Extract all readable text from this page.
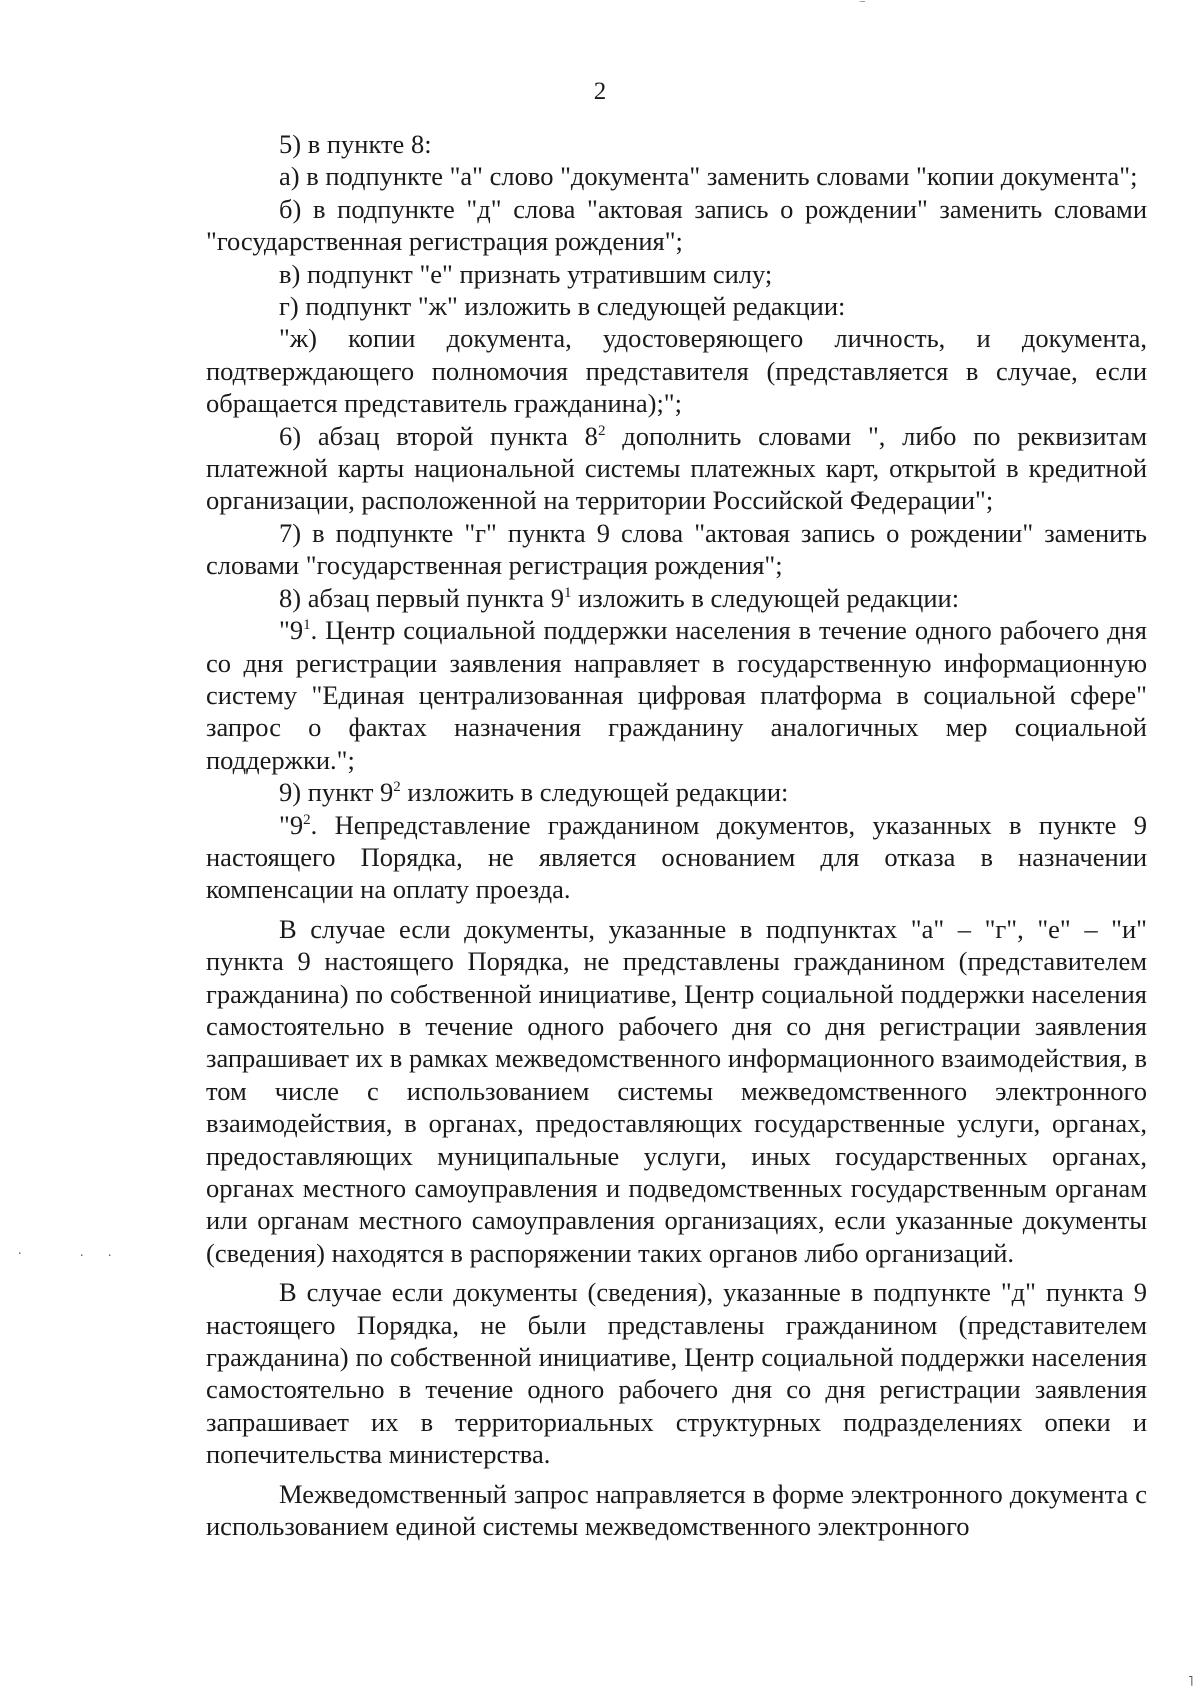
2

5) в пункте 8:

а) в подпункте "а" слово "документа" заменить словами "копии документа";

б) в подпункте "д" слова "актовая запись о рождении" заменить словами "государственная регистрация рождения";

в) подпункт "е" признать утратившим силу;

г) подпункт "ж" изложить в следующей редакции:

"ж) копии документа, удостоверяющего личность, и документа, подтверждающего полномочия представителя (представляется в случае, если обращается представитель гражданина);";

6) абзац второй пункта $8^2$ дополнить словами ", либо по реквизитам платежной карты национальной системы платежных карт, открытой в кредитной организации, расположенной на территории Российской Федерации";

7) в подпункте "г" пункта 9 слова "актовая запись о рождении" заменить словами "государственная регистрация рождения";

8) абзац первый пункта $9^1$ изложить в следующей редакции:

"$9^1$. Центр социальной поддержки населения в течение одного рабочего дня со дня регистрации заявления направляет в государственную информационную систему "Единая централизованная цифровая платформа в социальной сфере" запрос о фактах назначения гражданину аналогичных мер социальной поддержки.";

9) пункт $9^2$ изложить в следующей редакции:

"$9^2$. Непредставление гражданином документов, указанных в пункте 9 настоящего Порядка, не является основанием для отказа в назначении компенсации на оплату проезда.

В случае если документы, указанные в подпунктах "а" – "г", "е" – "и" пункта 9 настоящего Порядка, не представлены гражданином (представителем гражданина) по собственной инициативе, Центр социальной поддержки населения самостоятельно в течение одного рабочего дня со дня регистрации заявления запрашивает их в рамках межведомственного информационного взаимодействия, в том числе с использованием системы межведомственного электронного взаимодействия, в органах, предоставляющих государственные услуги, органах, предоставляющих муниципальные услуги, иных государственных органах, органах местного самоуправления и подведомственных государственным органам или органам местного самоуправления организациях, если указанные документы (сведения) находятся в распоряжении таких органов либо организаций.

В случае если документы (сведения), указанные в подпункте "д" пункта 9 настоящего Порядка, не были представлены гражданином (представителем гражданина) по собственной инициативе, Центр социальной поддержки населения самостоятельно в течение одного рабочего дня со дня регистрации заявления запрашивает их в территориальных структурных подразделениях опеки и попечительства министерства.

Межведомственный запрос направляется в форме электронного документа с использованием единой системы межведомственного электронного

‾
.	. .
˥
